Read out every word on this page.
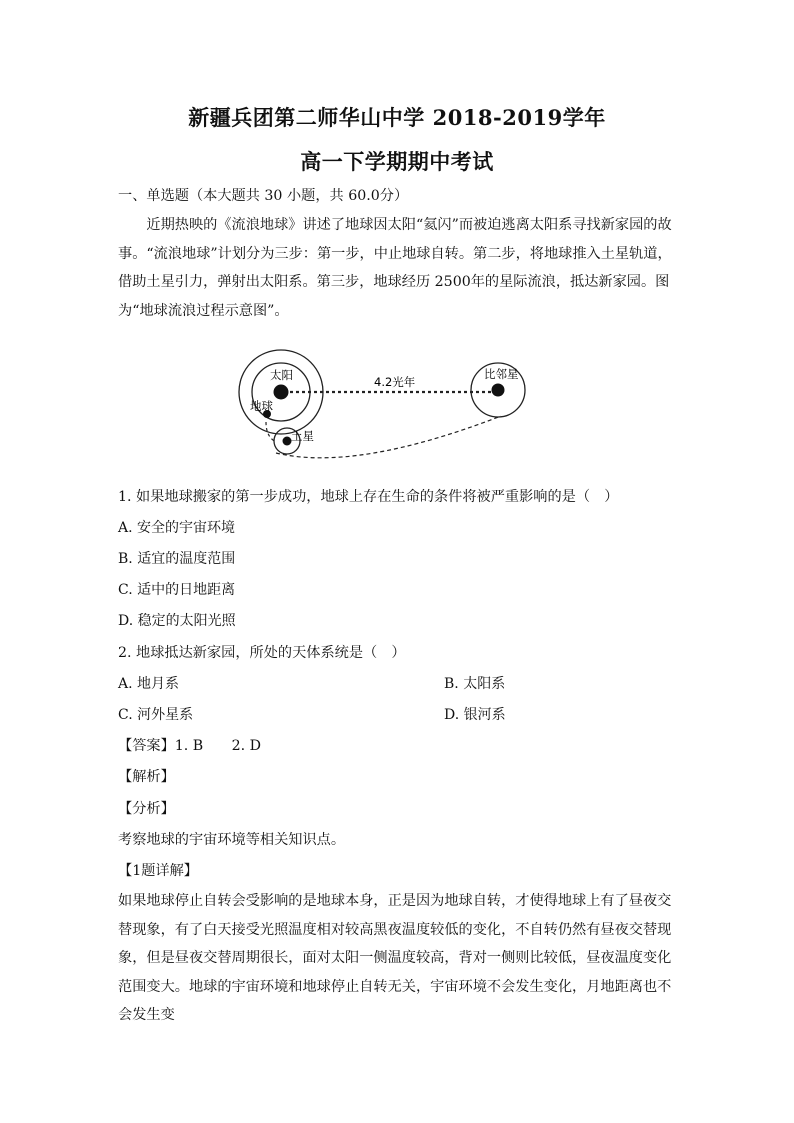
新疆兵团第二师华山中学 2018-2019学年
高一下学期期中考试
一、单选题（本大题共 30 小题，共 60.0分）
近期热映的《流浪地球》讲述了地球因太阳“氦闪”而被迫逃离太阳系寻找新家园的故事。“流浪地球”计划分为三步：第一步，中止地球自转。第二步，将地球推入土星轨道，借助土星引力，弹射出太阳系。第三步，地球经历 2500年的星际流浪，抵达新家园。图为“地球流浪过程示意图”。
太阳
地球
土星
比邻星
4.2光年
1. 如果地球搬家的第一步成功，地球上存在生命的条件将被严重影响的是（　）
A. 安全的宇宙环境
B. 适宜的温度范围
C. 适中的日地距离
D. 稳定的太阳光照
2. 地球抵达新家园，所处的天体系统是（　）
A. 地月系	B. 太阳系
C. 河外星系	D. 银河系
【答案】1. B　　2. D
【解析】
【分析】
考察地球的宇宙环境等相关知识点。
【1题详解】
如果地球停止自转会受影响的是地球本身，正是因为地球自转，才使得地球上有了昼夜交替现象，有了白天接受光照温度相对较高黑夜温度较低的变化，不自转仍然有昼夜交替现象，但是昼夜交替周期很长，面对太阳一侧温度较高，背对一侧则比较低，昼夜温度变化范围变大。地球的宇宙环境和地球停止自转无关，宇宙环境不会发生变化，月地距离也不会发生变
